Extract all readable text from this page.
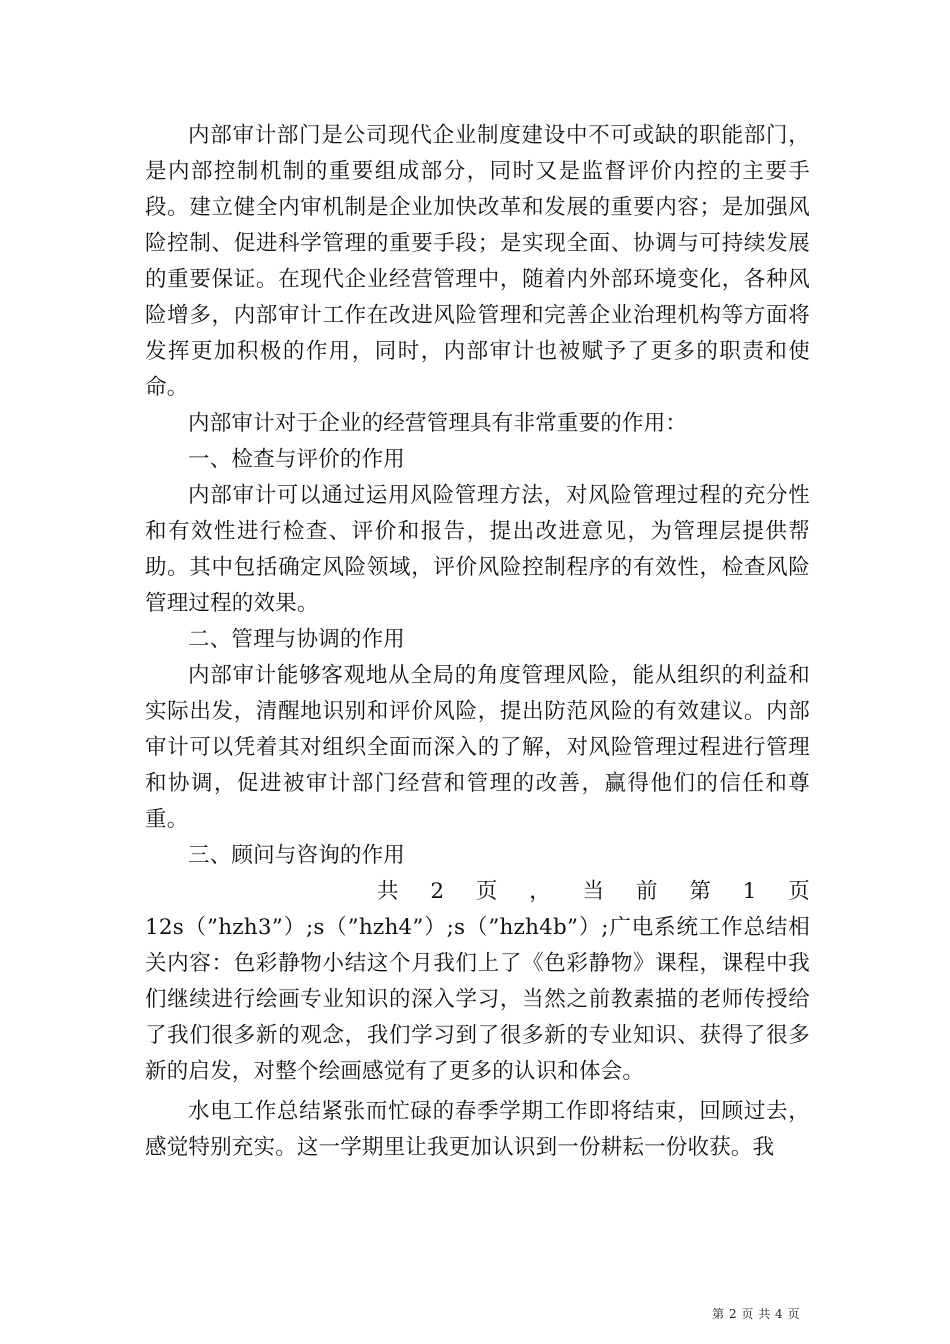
内部审计部门是公司现代企业制度建设中不可或缺的职能部门，是内部控制机制的重要组成部分，同时又是监督评价内控的主要手段。建立健全内审机制是企业加快改革和发展的重要内容；是加强风险控制、促进科学管理的重要手段；是实现全面、协调与可持续发展的重要保证。在现代企业经营管理中，随着内外部环境变化，各种风险增多，内部审计工作在改进风险管理和完善企业治理机构等方面将发挥更加积极的作用，同时，内部审计也被赋予了更多的职责和使命。

内部审计对于企业的经营管理具有非常重要的作用：

一、检查与评价的作用

内部审计可以通过运用风险管理方法，对风险管理过程的充分性和有效性进行检查、评价和报告，提出改进意见，为管理层提供帮助。其中包括确定风险领域，评价风险控制程序的有效性，检查风险管理过程的效果。

二、管理与协调的作用

内部审计能够客观地从全局的角度管理风险，能从组织的利益和实际出发，清醒地识别和评价风险，提出防范风险的有效建议。内部审计可以凭着其对组织全面而深入的了解，对风险管理过程进行管理和协调，促进被审计部门经营和管理的改善，赢得他们的信任和尊重。

三、顾问与咨询的作用

共 2 页 ， 当 前 第 1 页

12s（”hzh3”）;s（”hzh4”）;s（”hzh4b”）;广电系统工作总结相关内容：色彩静物小结这个月我们上了《色彩静物》课程，课程中我们继续进行绘画专业知识的深入学习，当然之前教素描的老师传授给了我们很多新的观念，我们学习到了很多新的专业知识、获得了很多新的启发，对整个绘画感觉有了更多的认识和体会。

水电工作总结紧张而忙碌的春季学期工作即将结束，回顾过去，感觉特别充实。这一学期里让我更加认识到一份耕耘一份收获。我

第 2 页 共 4 页
